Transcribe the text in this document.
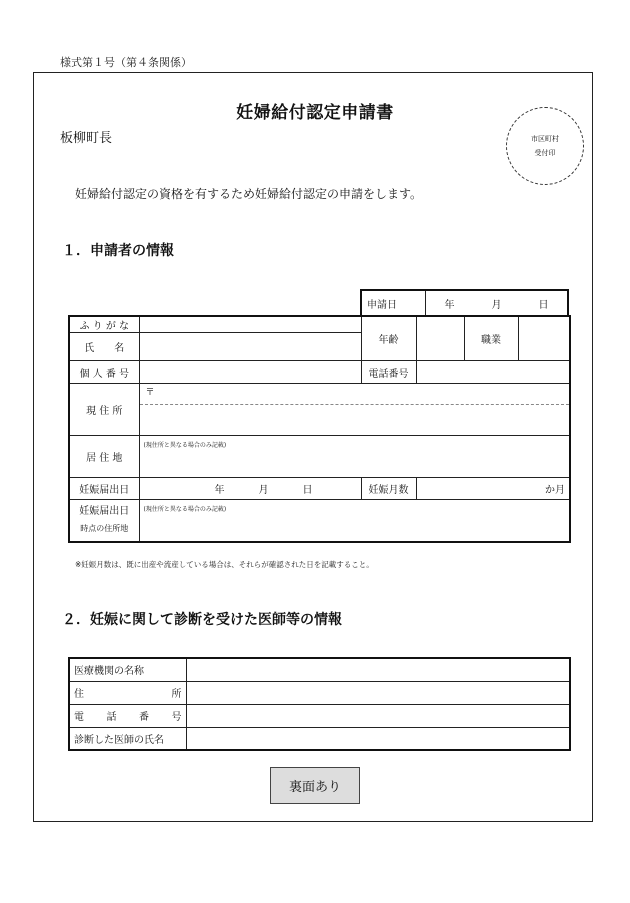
様式第１号（第４条関係）
妊婦給付認定申請書
板柳町長	市区町村
受付印
妊婦給付認定の資格を有するため妊婦給付認定の申請をします。
１．申請者の情報
申請日	年	月	日
ふ り が な		年齢		職業	
氏　　名					
個 人 番 号		電話番号			
現 住 所	〒				

居 住 地	(現住所と異なる場合のみ記載)				
妊娠届出日	年 月 日	妊娠月数	か月		

妊娠届出日
時点の住所地	(現住所と異なる場合のみ記載)				
※妊娠月数は、既に出産や流産している場合は、それらが確認された日を記載すること。
２．妊娠に関して診断を受けた医師等の情報
医療機関の名称	

住 所	

電 話 番 号	

診断した医師の氏名	
裏面あり
